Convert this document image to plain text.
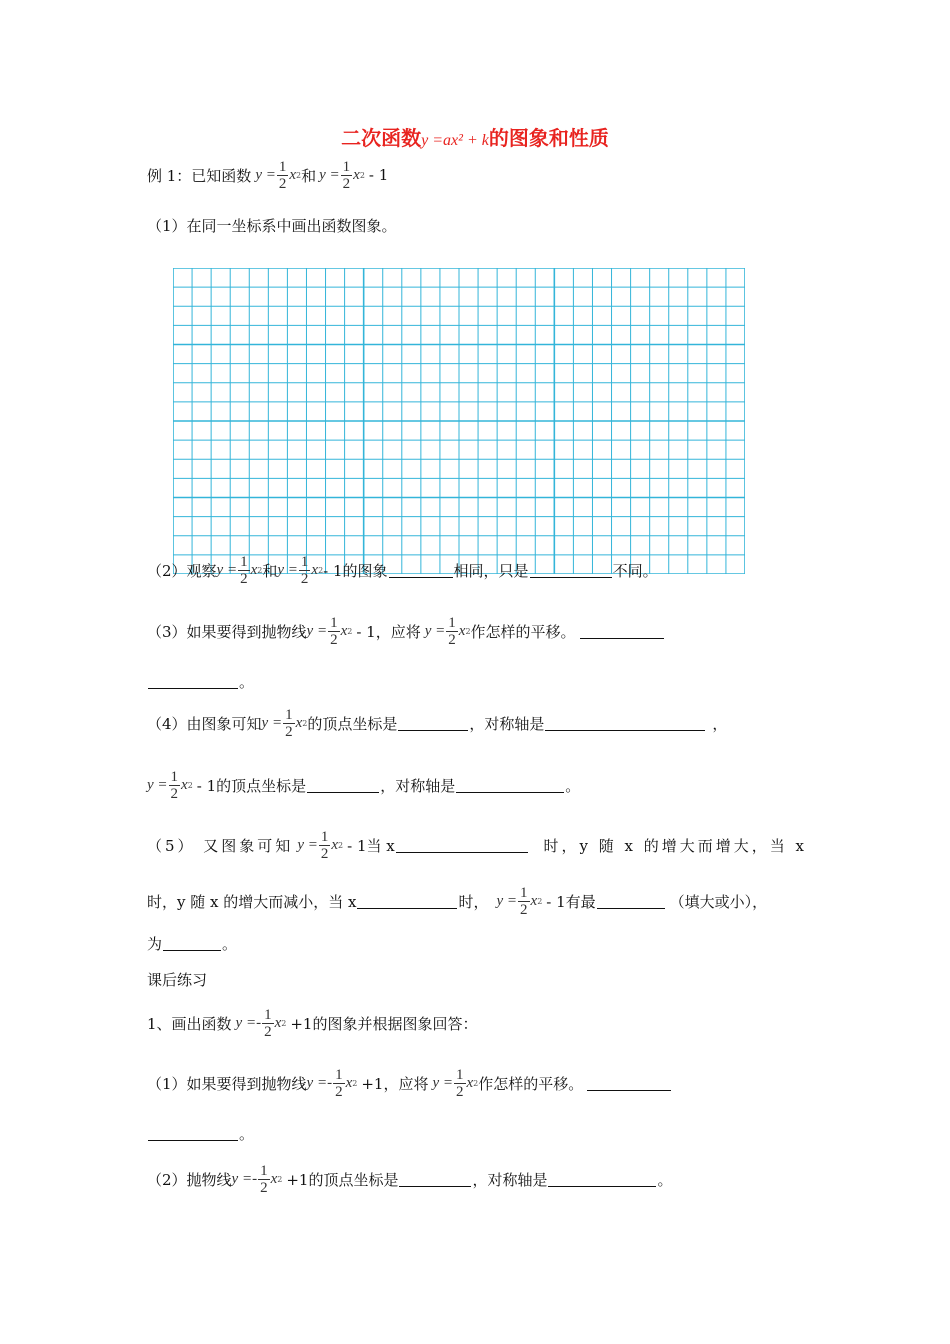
二次函数y =ax² + k的图象和性质
例 1：已知函数 $y = \frac{1}{2}$ x 2 和 $y = \frac{1}{2}$ x 2 - 1
（1）在同一坐标系中画出函数图象。
（2）观察 $y = \frac{1}{2}$ x 2 和 $y = \frac{1}{2}$ x 2 - 1的图象	相同，只是	不同。
（3）如果要得到抛物线 $y = \frac{1}{2}$ x 2 - 1，应将 $y = \frac{1}{2}$ x 2 作怎样的平移。
。
（4）由图象可知 $y = \frac{1}{2}$ x 2 的顶点坐标是	，对称轴是	，
$y = \frac{1}{2}$ x 2 - 1的顶点坐标是	，对称轴是	。
（5） 又图象可知 $y = \frac{1}{2}$ x 2 - 1当 x	时，y 随 x 的增大而增大，当 x
时，y 随 x 的增大而减小，当 x	时， $y = \frac{1}{2}$ x 2 - 1有最	（填大或小），
为	。
课后练习
1、画出函数 $y =- \frac{1}{2}$ x 2 +1的图象并根据图象回答：
（1）如果要得到抛物线 $y =- \frac{1}{2}$ x 2 +1，应将 $y = \frac{1}{2}$ x 2 作怎样的平移。
。
（2）抛物线 $y =- \frac{1}{2}$ x 2 +1的顶点坐标是	，对称轴是	。
